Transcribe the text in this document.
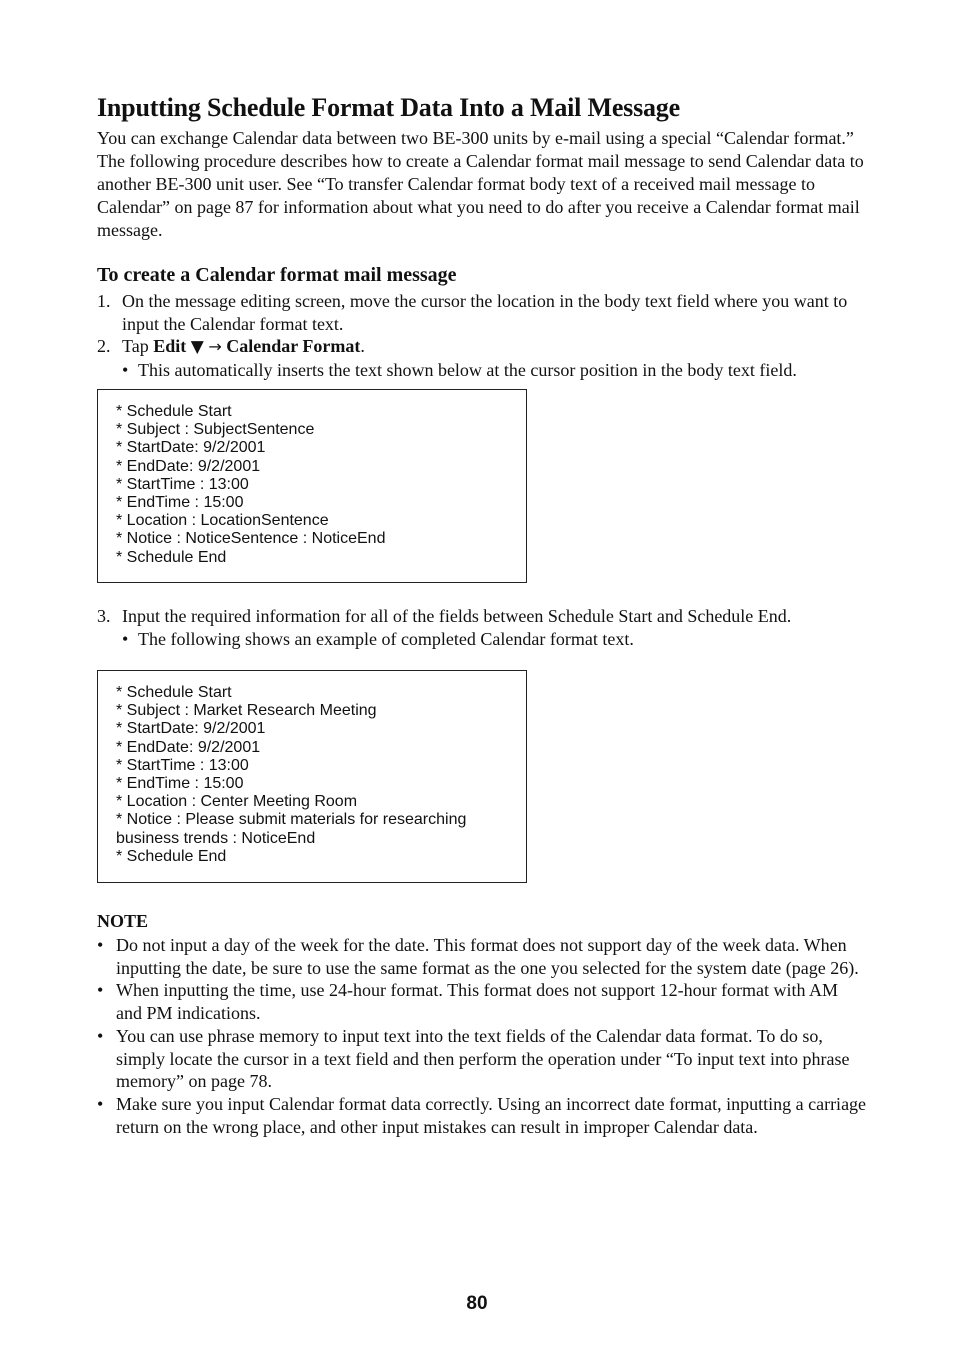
Inputting Schedule Format Data Into a Mail Message

You can exchange Calendar data between two BE-300 units by e-mail using a special “Calendar format.” The following procedure describes how to create a Calendar format mail message to send Calendar data to another BE-300 unit user. See “To transfer Calendar format body text of a received mail message to Calendar” on page 87 for information about what you need to do after you receive a Calendar format mail message.

To create a Calendar format mail message
1. On the message editing screen, move the cursor the location in the body text field where you want to input the Calendar format text.
2. Tap Edit ▼ → Calendar Format.
• This automatically inserts the text shown below at the cursor position in the body text field.
* Schedule Start
* Subject : SubjectSentence
* StartDate: 9/2/2001
* EndDate: 9/2/2001
* StartTime : 13:00
* EndTime : 15:00
* Location : LocationSentence
* Notice : NoticeSentence : NoticeEnd
* Schedule End
3. Input the required information for all of the fields between Schedule Start and Schedule End.
• The following shows an example of completed Calendar format text.
* Schedule Start
* Subject : Market Research Meeting
* StartDate: 9/2/2001
* EndDate: 9/2/2001
* StartTime : 13:00
* EndTime : 15:00
* Location : Center Meeting Room
* Notice : Please submit materials for researching
business trends : NoticeEnd
* Schedule End
NOTE
• Do not input a day of the week for the date. This format does not support day of the week data. When inputting the date, be sure to use the same format as the one you selected for the system date (page 26).
• When inputting the time, use 24-hour format. This format does not support 12-hour format with AM and PM indications.
• You can use phrase memory to input text into the text fields of the Calendar data format. To do so, simply locate the cursor in a text field and then perform the operation under “To input text into phrase memory” on page 78.
• Make sure you input Calendar format data correctly. Using an incorrect date format, inputting a carriage return on the wrong place, and other input mistakes can result in improper Calendar data.
80
